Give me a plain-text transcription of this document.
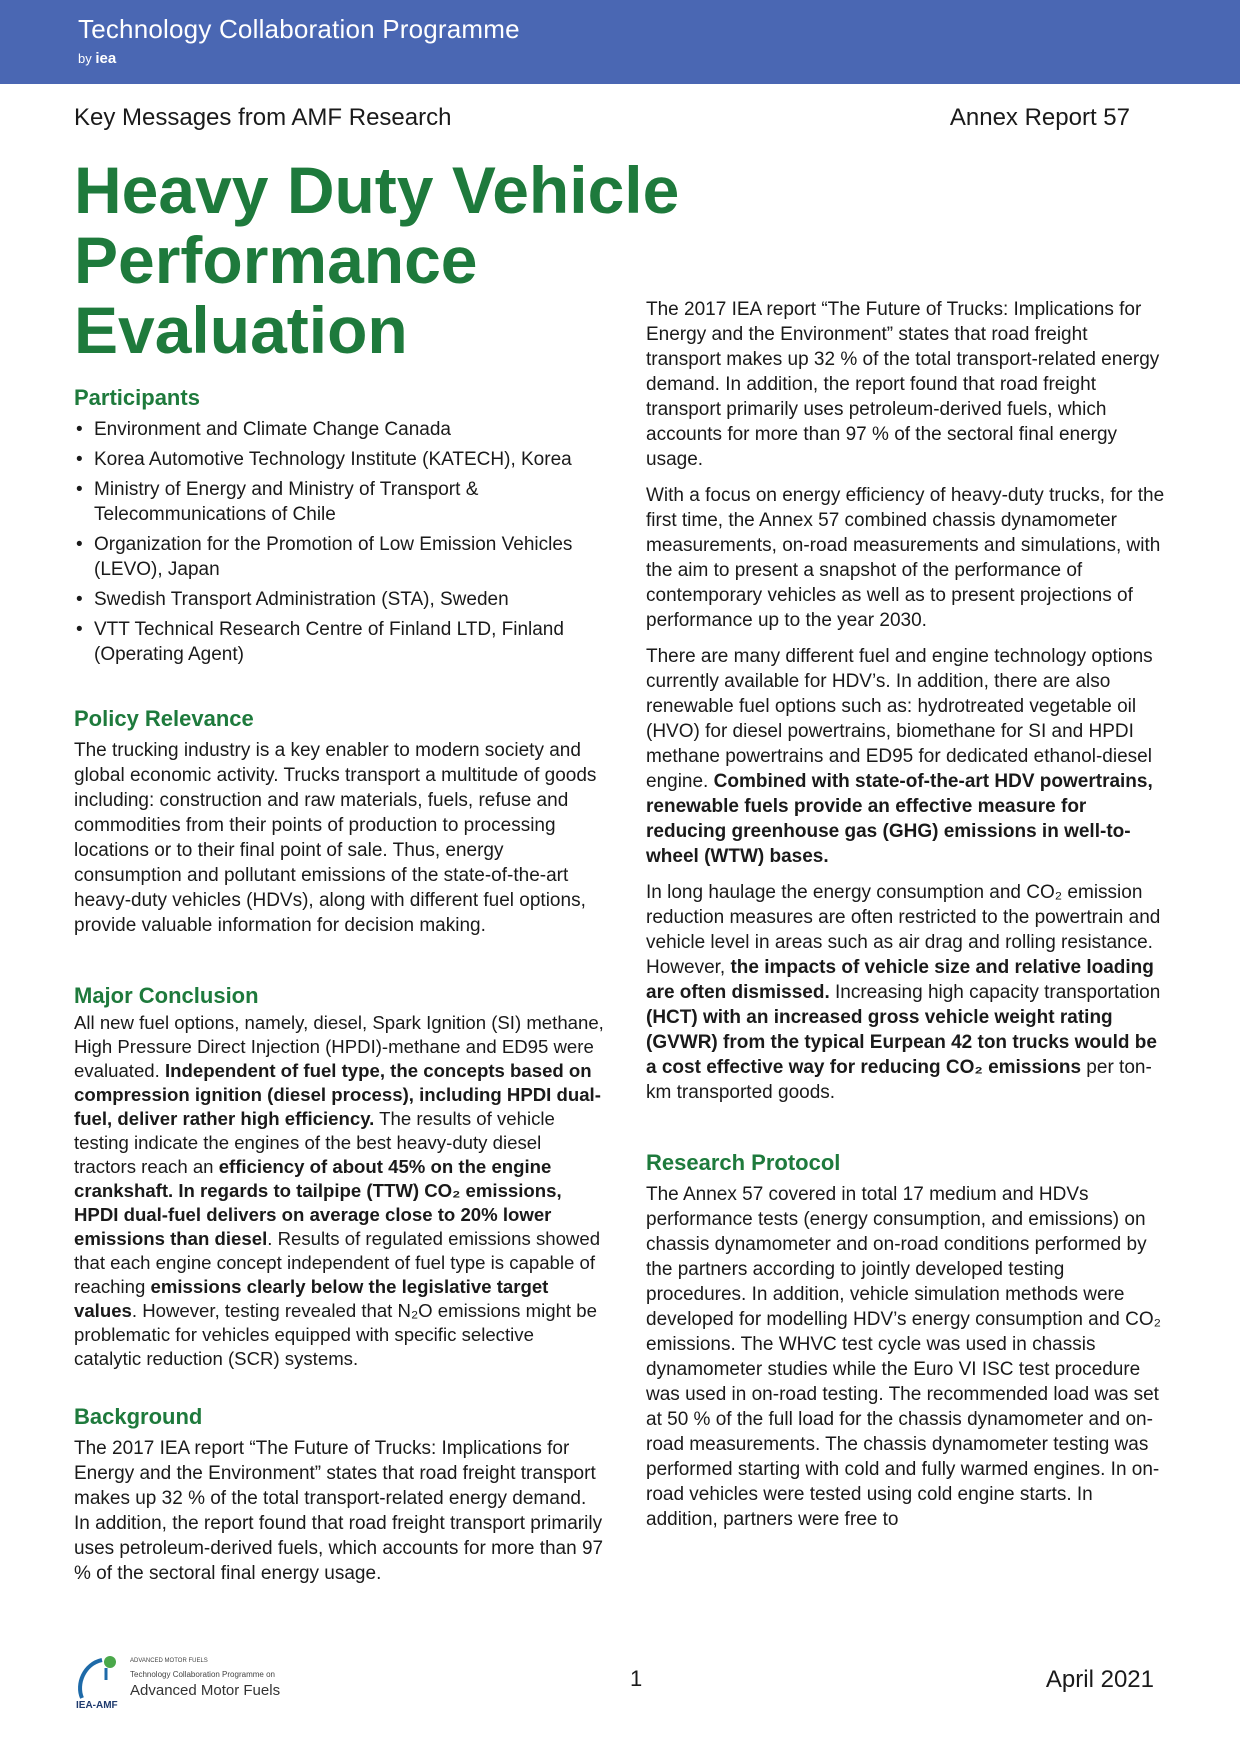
Technology Collaboration Programme
by iea
Key Messages from AMF Research	Annex Report 57
Heavy Duty Vehicle Performance Evaluation
Participants
• Environment and Climate Change Canada
• Korea Automotive Technology Institute (KATECH), Korea
• Ministry of Energy and Ministry of Transport & Telecommunications of Chile
• Organization for the Promotion of Low Emission Vehicles (LEVO), Japan
• Swedish Transport Administration (STA), Sweden
• VTT Technical Research Centre of Finland LTD, Finland (Operating Agent)
Policy Relevance

The trucking industry is a key enabler to modern society and global economic activity. Trucks transport a multitude of goods including: construction and raw materials, fuels, refuse and commodities from their points of production to processing locations or to their final point of sale. Thus, energy consumption and pollutant emissions of the state-of-the-art heavy-duty vehicles (HDVs), along with different fuel options, provide valuable information for decision making.

Major Conclusion

All new fuel options, namely, diesel, Spark Ignition (SI) methane, High Pressure Direct Injection (HPDI)-methane and ED95 were evaluated. Independent of fuel type, the concepts based on compression ignition (diesel process), including HPDI dual-fuel, deliver rather high efficiency. The results of vehicle testing indicate the engines of the best heavy-duty diesel tractors reach an efficiency of about 45% on the engine crankshaft. In regards to tailpipe (TTW) CO₂ emissions, HPDI dual-fuel delivers on average close to 20% lower emissions than diesel. Results of regulated emissions showed that each engine concept independent of fuel type is capable of reaching emissions clearly below the legislative target values. However, testing revealed that N₂O emissions might be problematic for vehicles equipped with specific selective catalytic reduction (SCR) systems.

Background

The 2017 IEA report “The Future of Trucks: Implications for Energy and the Environment” states that road freight transport makes up 32 % of the total transport-related energy demand. In addition, the report found that road freight transport primarily uses petroleum-derived fuels, which accounts for more than 97 % of the sectoral final energy usage.

The 2017 IEA report “The Future of Trucks: Implications for Energy and the Environment” states that road freight transport makes up 32 % of the total transport-related energy demand. In addition, the report found that road freight transport primarily uses petroleum-derived fuels, which accounts for more than 97 % of the sectoral final energy usage.

With a focus on energy efficiency of heavy-duty trucks, for the first time, the Annex 57 combined chassis dynamometer measurements, on-road measurements and simulations, with the aim to present a snapshot of the performance of contemporary vehicles as well as to present projections of performance up to the year 2030.

There are many different fuel and engine technology options currently available for HDV’s. In addition, there are also renewable fuel options such as: hydrotreated vegetable oil (HVO) for diesel powertrains, biomethane for SI and HPDI methane powertrains and ED95 for dedicated ethanol-diesel engine. Combined with state-of-the-art HDV powertrains, renewable fuels provide an effective measure for reducing greenhouse gas (GHG) emissions in well-to-wheel (WTW) bases.

In long haulage the energy consumption and CO₂ emission reduction measures are often restricted to the powertrain and vehicle level in areas such as air drag and rolling resistance. However, the impacts of vehicle size and relative loading are often dismissed. Increasing high capacity transportation (HCT) with an increased gross vehicle weight rating (GVWR) from the typical Eurpean 42 ton trucks would be a cost effective way for reducing CO₂ emissions per ton-km transported goods.

Research Protocol

The Annex 57 covered in total 17 medium and HDVs performance tests (energy consumption, and emissions) on chassis dynamometer and on-road conditions performed by the partners according to jointly developed testing procedures. In addition, vehicle simulation methods were developed for modelling HDV’s energy consumption and CO₂ emissions. The WHVC test cycle was used in chassis dynamometer studies while the Euro VI ISC test procedure was used in on-road testing. The recommended load was set at 50 % of the full load for the chassis dynamometer and on-road measurements. The chassis dynamometer testing was performed starting with cold and fully warmed engines. In on-road vehicles were tested using cold engine starts. In addition, partners were free to

IEA-AMF
ADVANCED MOTOR FUELS
Technology Collaboration Programme on
Advanced Motor Fuels	1	April 2021
